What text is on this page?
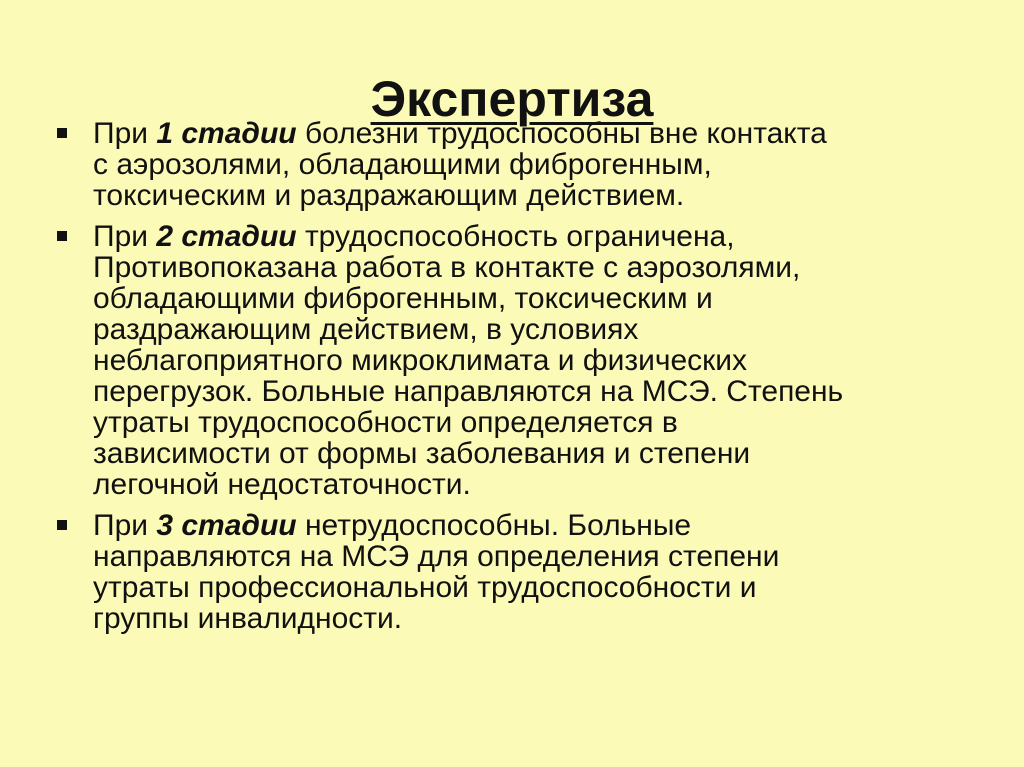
Экспертиза
При 1 стадии болезни трудоспособны вне контакта
с аэрозолями, обладающими фиброгенным,
токсическим и раздражающим действием.
При 2 стадии трудоспособность ограничена,
Противопоказана работа в контакте с аэрозолями,
обладающими фиброгенным, токсическим и
раздражающим действием, в условиях
неблагоприятного микроклимата и физических
перегрузок. Больные направляются на МСЭ. Степень
утраты трудоспособности определяется в
зависимости от формы заболевания и степени
легочной недостаточности.
При 3 стадии нетрудоспособны. Больные
направляются на МСЭ для определения степени
утраты профессиональной трудоспособности и
группы инвалидности.
